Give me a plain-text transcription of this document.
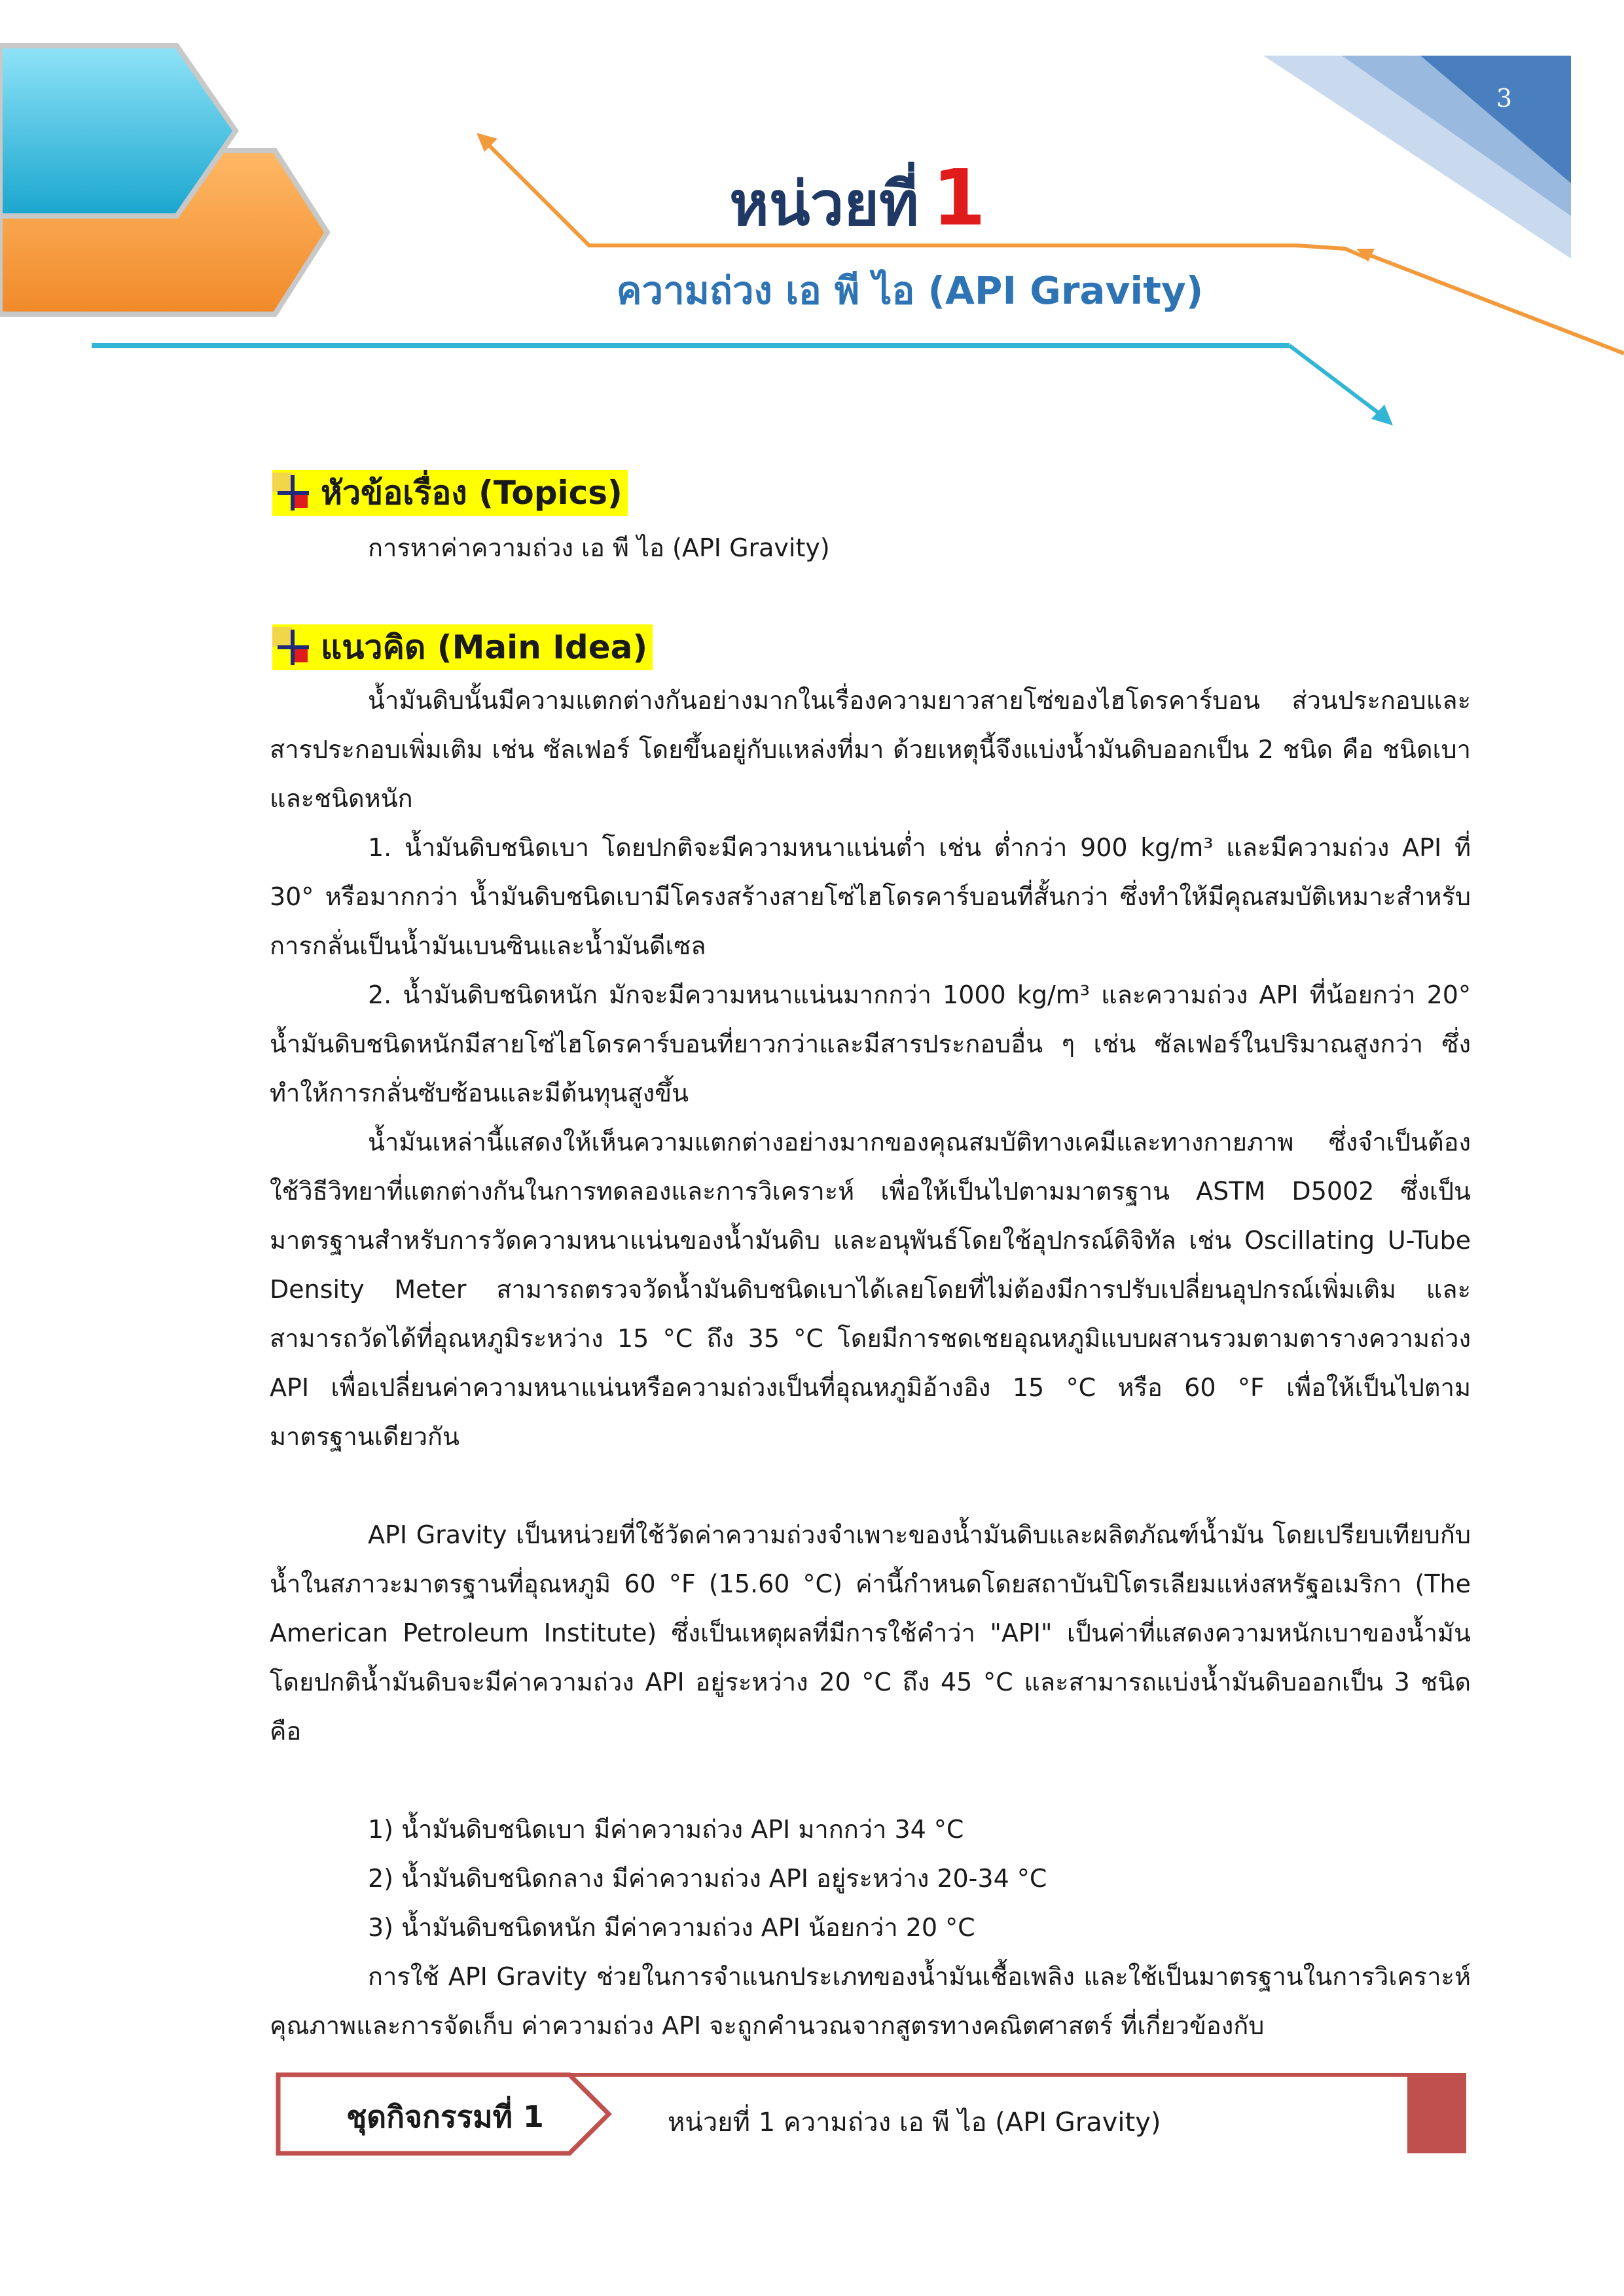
3
หน่วยที่ 1
ความถ่วง เอ พี ไอ (API Gravity)
หัวข้อเรื่อง (Topics)

การหาค่าความถ่วง เอ พี ไอ (API Gravity)

แนวคิด (Main Idea)

น้ำมันดิบนั้นมีความแตกต่างกันอย่างมากในเรื่องความยาวสายโซ่ของไฮโดรคาร์บอน ส่วนประกอบและสารประกอบเพิ่มเติม เช่น ซัลเฟอร์ โดยขึ้นอยู่กับแหล่งที่มา ด้วยเหตุนี้จึงแบ่งน้ำมันดิบออกเป็น 2 ชนิด คือ ชนิดเบาและชนิดหนัก

1. น้ำมันดิบชนิดเบา โดยปกติจะมีความหนาแน่นต่ำ เช่น ต่ำกว่า 900 kg/m³ และมีความถ่วง API ที่ 30° หรือมากกว่า น้ำมันดิบชนิดเบามีโครงสร้างสายโซ่ไฮโดรคาร์บอนที่สั้นกว่า ซึ่งทำให้มีคุณสมบัติเหมาะสำหรับการกลั่นเป็นน้ำมันเบนซินและน้ำมันดีเซล

2. น้ำมันดิบชนิดหนัก มักจะมีความหนาแน่นมากกว่า 1000 kg/m³ และความถ่วง API ที่น้อยกว่า 20° น้ำมันดิบชนิดหนักมีสายโซ่ไฮโดรคาร์บอนที่ยาวกว่าและมีสารประกอบอื่น ๆ เช่น ซัลเฟอร์ในปริมาณสูงกว่า ซึ่งทำให้การกลั่นซับซ้อนและมีต้นทุนสูงขึ้น

น้ำมันเหล่านี้แสดงให้เห็นความแตกต่างอย่างมากของคุณสมบัติทางเคมีและทางกายภาพ ซึ่งจำเป็นต้องใช้วิธีวิทยาที่แตกต่างกันในการทดลองและการวิเคราะห์ เพื่อให้เป็นไปตามมาตรฐาน ASTM D5002 ซึ่งเป็นมาตรฐานสำหรับการวัดความหนาแน่นของน้ำมันดิบ และอนุพันธ์โดยใช้อุปกรณ์ดิจิทัล เช่น Oscillating U-Tube Density Meter สามารถตรวจวัดน้ำมันดิบชนิดเบาได้เลยโดยที่ไม่ต้องมีการปรับเปลี่ยนอุปกรณ์เพิ่มเติม และสามารถวัดได้ที่อุณหภูมิระหว่าง 15 °C ถึง 35 °C โดยมีการชดเชยอุณหภูมิแบบผสานรวมตามตารางความถ่วง API เพื่อเปลี่ยนค่าความหนาแน่นหรือความถ่วงเป็นที่อุณหภูมิอ้างอิง 15 °C หรือ 60 °F เพื่อให้เป็นไปตามมาตรฐานเดียวกัน

API Gravity เป็นหน่วยที่ใช้วัดค่าความถ่วงจำเพาะของน้ำมันดิบและผลิตภัณฑ์น้ำมัน โดยเปรียบเทียบกับน้ำในสภาวะมาตรฐานที่อุณหภูมิ 60 °F (15.60 °C) ค่านี้กำหนดโดยสถาบันปิโตรเลียมแห่งสหรัฐอเมริกา (The American Petroleum Institute) ซึ่งเป็นเหตุผลที่มีการใช้คำว่า "API" เป็นค่าที่แสดงความหนักเบาของน้ำมัน โดยปกติน้ำมันดิบจะมีค่าความถ่วง API อยู่ระหว่าง 20 °C ถึง 45 °C และสามารถแบ่งน้ำมันดิบออกเป็น 3 ชนิด คือ

1) น้ำมันดิบชนิดเบา มีค่าความถ่วง API มากกว่า 34 °C

2) น้ำมันดิบชนิดกลาง มีค่าความถ่วง API อยู่ระหว่าง 20-34 °C

3) น้ำมันดิบชนิดหนัก มีค่าความถ่วง API น้อยกว่า 20 °C

การใช้ API Gravity ช่วยในการจำแนกประเภทของน้ำมันเชื้อเพลิง และใช้เป็นมาตรฐานในการวิเคราะห์คุณภาพและการจัดเก็บ ค่าความถ่วง API จะถูกคำนวณจากสูตรทางคณิตศาสตร์ ที่เกี่ยวข้องกับ

ชุดกิจกรรมที่ 1	หน่วยที่ 1 ความถ่วง เอ พี ไอ (API Gravity)
